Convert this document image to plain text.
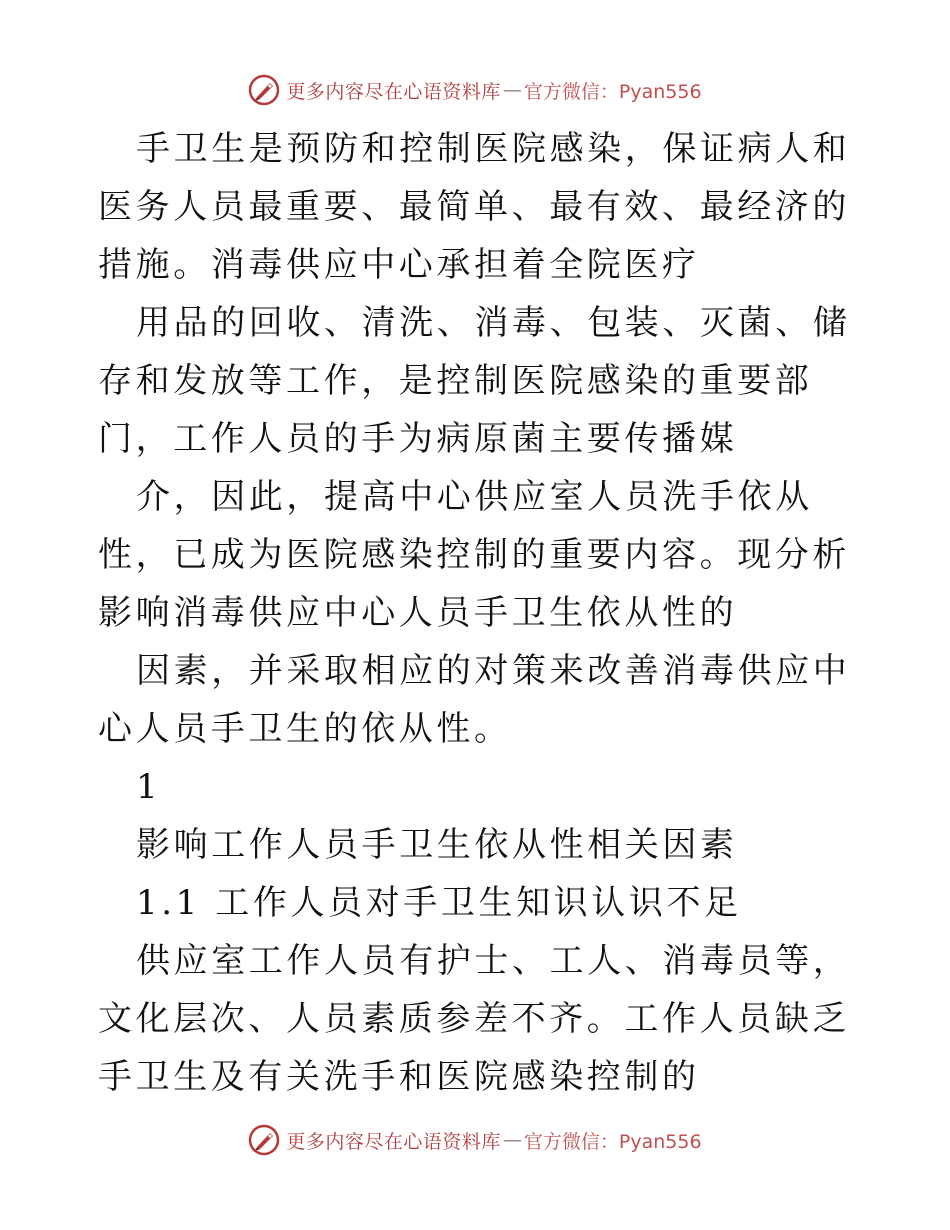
更多内容尽在心语资料库 — 官方微信：Pyan556

手卫生是预防和控制医院感染，保证病人和医务人员最重要、最简单、最有效、最经济的措施。消毒供应中心承担着全院医疗

用品的回收、清洗、消毒、包装、灭菌、储存和发放等工作，是控制医院感染的重要部门，工作人员的手为病原菌主要传播媒

介，因此，提高中心供应室人员洗手依从性，已成为医院感染控制的重要内容。现分析影响消毒供应中心人员手卫生依从性的

因素，并采取相应的对策来改善消毒供应中心人员手卫生的依从性。

1

影响工作人员手卫生依从性相关因素

1.1 工作人员对手卫生知识认识不足

供应室工作人员有护士、工人、消毒员等，文化层次、人员素质参差不齐。工作人员缺乏手卫生及有关洗手和医院感染控制的

更多内容尽在心语资料库 — 官方微信：Pyan556
